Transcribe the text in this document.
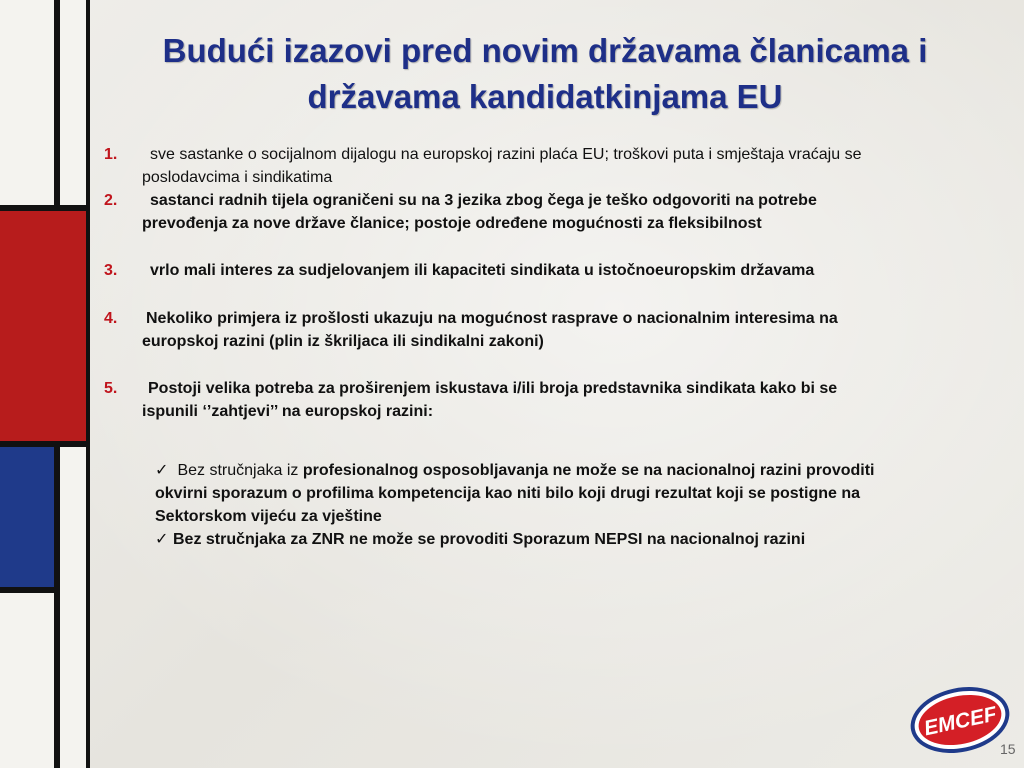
Budući izazovi pred novim državama članicama i
državama kandidatkinjama EU
1.	sve sastanke o socijalnom dijalogu na europskoj razini plaća EU; troškovi puta i smještaja vraćaju se
poslodavcima i sindikatima
2.	sastanci radnih tijela ograničeni su na 3 jezika zbog čega je teško odgovoriti na potrebe
prevođenja za nove države članice; postoje određene mogućnosti za fleksibilnost
3.	vrlo mali interes za sudjelovanjem ili kapaciteti sindikata u istočnoeuropskim državama
4. Nekoliko primjera iz prošlosti ukazuju na mogućnost rasprave o nacionalnim interesima na
europskoj razini (plin iz škriljaca ili sindikalni zakoni)
5.	Postoji velika potreba za proširenjem iskustava i/ili broja predstavnika sindikata kako bi se
ispunili ‘’zahtjevi’’ na europskoj razini:
✓ Bez stručnjaka iz profesionalnog osposobljavanja ne može se na nacionalnoj razini provoditi
okvirni sporazum o profilima kompetencija kao niti bilo koji drugi rezultat koji se postigne na
Sektorskom vijeću za vještine
✓ Bez stručnjaka za ZNR ne može se provoditi Sporazum NEPSI na nacionalnoj razini
EMCEF
15
